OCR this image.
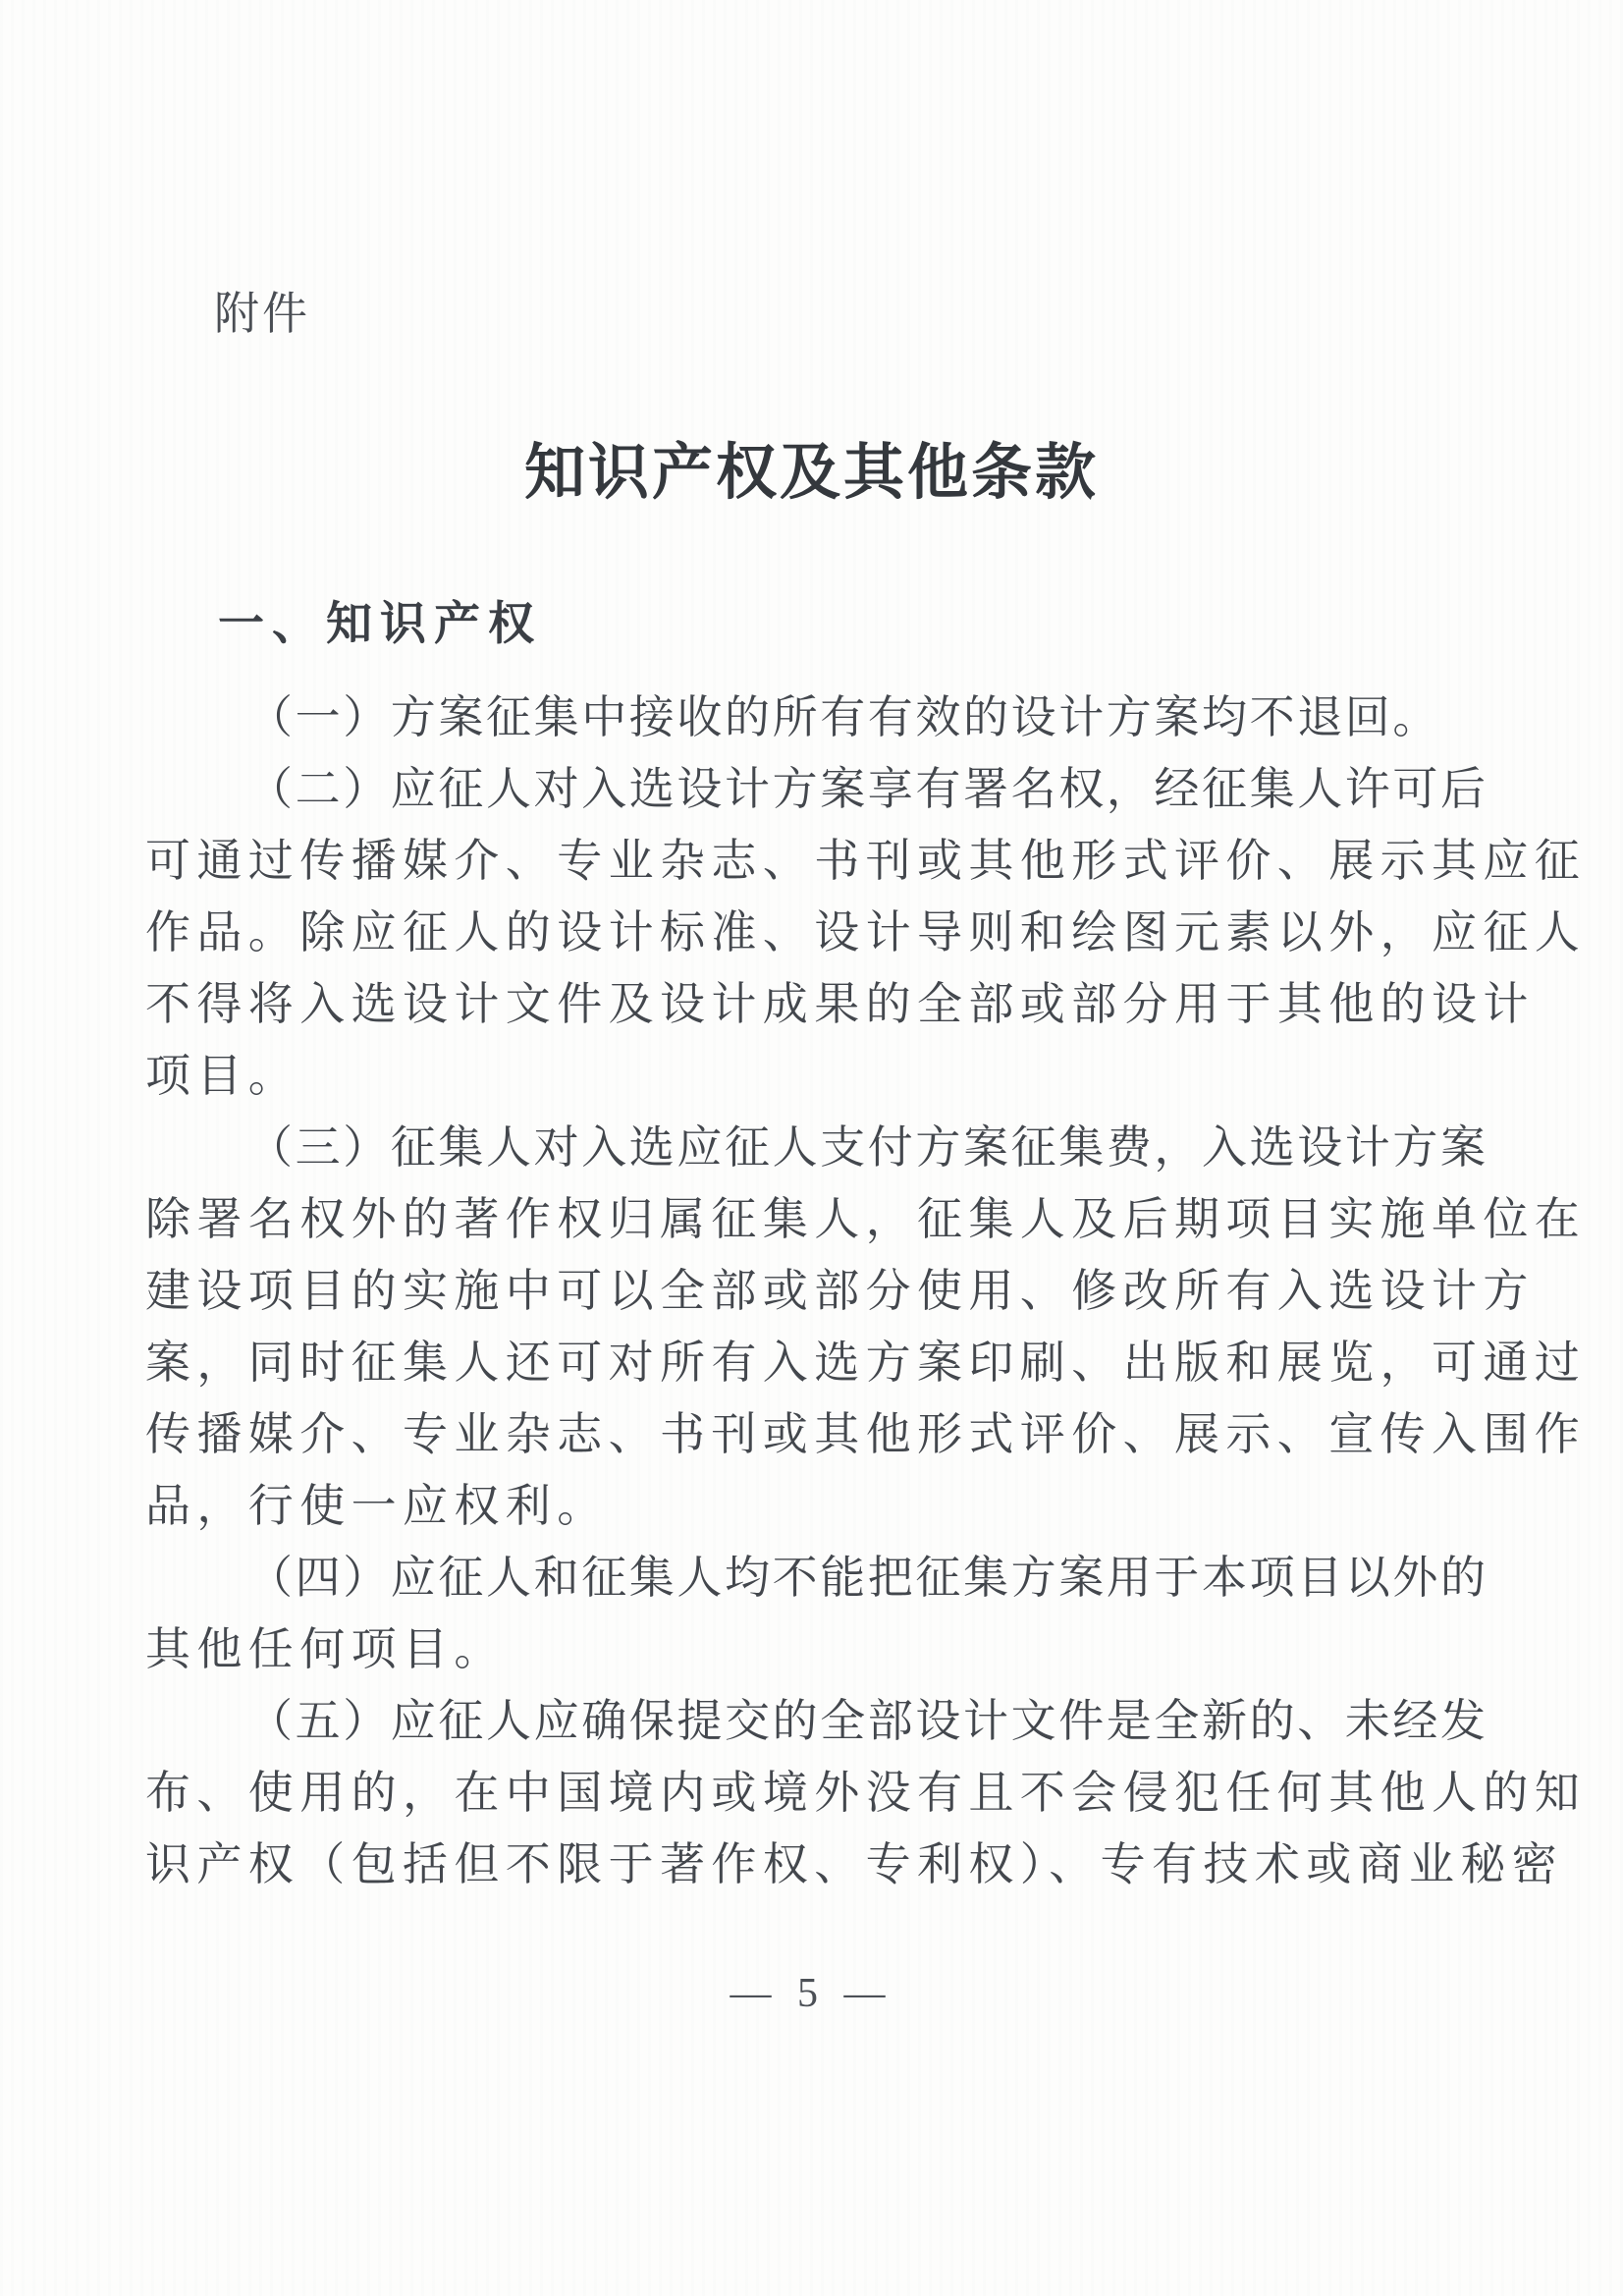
附件
知识产权及其他条款
一、知识产权
（一）方案征集中接收的所有有效的设计方案均不退回。
（二）应征人对入选设计方案享有署名权，经征集人许可后
可通过传播媒介、专业杂志、书刊或其他形式评价、展示其应征
作品。除应征人的设计标准、设计导则和绘图元素以外，应征人
不得将入选设计文件及设计成果的全部或部分用于其他的设计
项目。
（三）征集人对入选应征人支付方案征集费，入选设计方案
除署名权外的著作权归属征集人，征集人及后期项目实施单位在
建设项目的实施中可以全部或部分使用、修改所有入选设计方
案，同时征集人还可对所有入选方案印刷、出版和展览，可通过
传播媒介、专业杂志、书刊或其他形式评价、展示、宣传入围作
品，行使一应权利。
（四）应征人和征集人均不能把征集方案用于本项目以外的
其他任何项目。
（五）应征人应确保提交的全部设计文件是全新的、未经发
布、使用的，在中国境内或境外没有且不会侵犯任何其他人的知
识产权（包括但不限于著作权、专利权）、专有技术或商业秘密
— 5 —
